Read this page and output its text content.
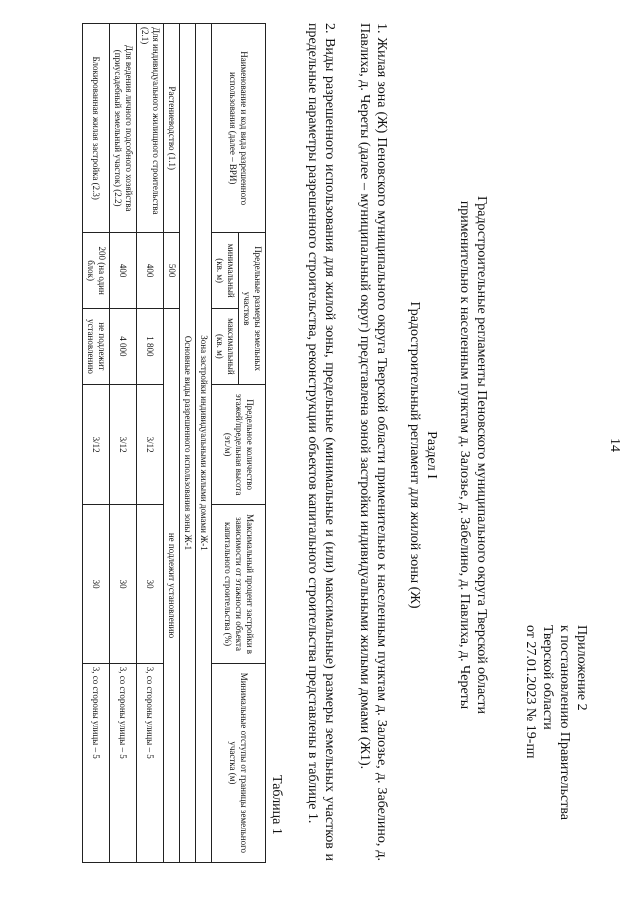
14
Приложение 2
к постановлению Правительства
Тверской области
от 27.01.2023 № 19-пп
Градостроительные регламенты Пеновского муниципального округа Тверской области
применительно к населенным пунктам д. Залозье, д. Забелино, д. Павлиха, д. Череты
Раздел I
Градостроительный регламент для жилой зоны (Ж)
1. Жилая зона (Ж) Пеновского муниципального округа Тверской области применительно к населенным пунктам д. Залозье, д. Забелино, д. Павлиха, д. Череты (далее – муниципальный округ) представлена зоной застройки индивидуальными жилыми домами (Ж1).
2. Виды разрешенного использования для жилой зоны, предельные (минимальные и (или) максимальные) размеры земельных участков и предельные параметры разрешенного строительства, реконструкции объектов капитального строительства представлены в таблице 1.
Таблица 1
Наименование и код вида разрешенного использования (далее – ВРИ)	Предельные размеры земельных участков		Предельное количество этажей/предельная высота (эт./м)	Максимальный процент застройки в зависимости от этажности объекта капитального строительства (%)	Минимальные отступы от границы земельного участка (м)
	минимальный (кв. м)	максимальный (кв. м)			
Зона застройки индивидуальными жилыми домами Ж-1					
Основные виды разрешенного использования зоны Ж-1					
Растениеводство (1.1)	500	не подлежит установлению			
Для индивидуального жилищного строительства (2.1)	400	1 800	3/12	30	3, со стороны улицы – 5
Для ведения личного подсобного хозяйства (приусадебный земельный участок) (2.2)	400	4 000	3/12	30	3, со стороны улицы – 5
Блокированная жилая застройка (2.3)	200 (на один блок)	не подлежит установлению	3/12	30	3, со стороны улицы – 5
